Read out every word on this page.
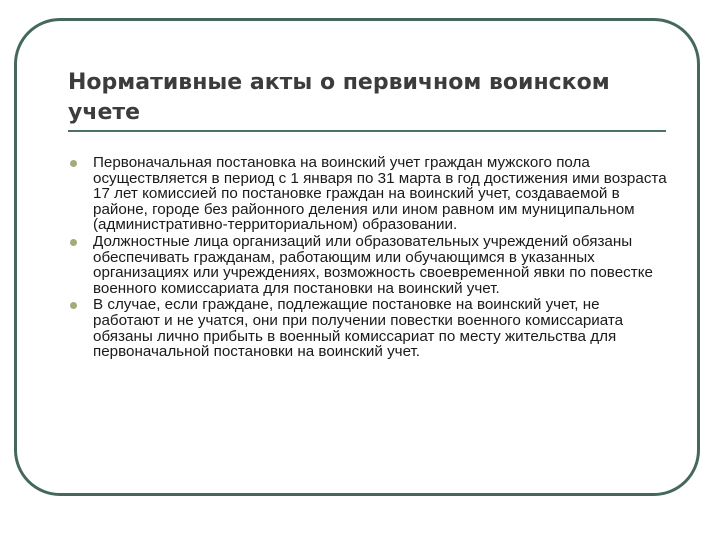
Нормативные акты о первичном воинском учете
Первоначальная постановка на воинский учет граждан мужского пола осуществляется в период с 1 января по 31 марта в год достижения ими возраста 17 лет комиссией по постановке граждан на воинский учет, создаваемой в районе, городе без районного деления или ином равном им муниципальном (административно-территориальном) образовании.
Должностные лица организаций или образовательных учреждений обязаны обеспечивать гражданам, работающим или обучающимся в указанных организациях или учреждениях, возможность своевременной явки по повестке военного комиссариата для постановки на воинский учет.
В случае, если граждане, подлежащие постановке на воинский учет, не работают и не учатся, они при получении повестки военного комиссариата обязаны лично прибыть в военный комиссариат по месту жительства для первоначальной постановки на воинский учет.
